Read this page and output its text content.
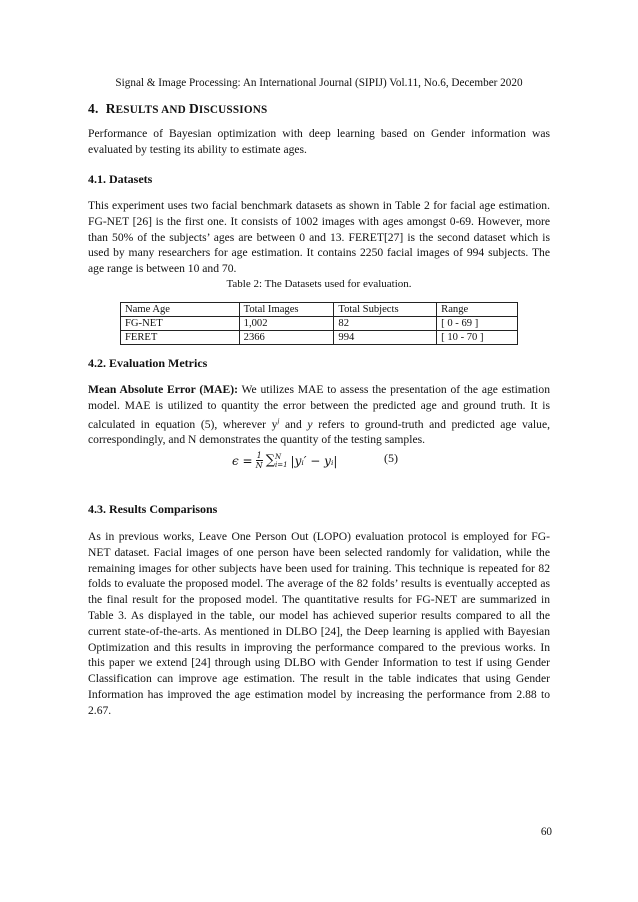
Signal & Image Processing: An International Journal (SIPIJ) Vol.11, No.6, December 2020
4. RESULTS AND DISCUSSIONS

Performance of Bayesian optimization with deep learning based on Gender information was evaluated by testing its ability to estimate ages.

4.1. Datasets

This experiment uses two facial benchmark datasets as shown in Table 2 for facial age estimation. FG-NET [26] is the first one. It consists of 1002 images with ages amongst 0-69. However, more than 50% of the subjects’ ages are between 0 and 13. FERET[27] is the second dataset which is used by many researchers for age estimation. It contains 2250 facial images of 994 subjects. The age range is between 10 and 70.

Table 2: The Datasets used for evaluation.
Name Age	Total Images	Total Subjects	Range
FG-NET	1,002	82	[ 0 - 69 ]
FERET	2366	994	[ 10 - 70 ]
4.2. Evaluation Metrics

Mean Absolute Error (MAE): We utilizes MAE to assess the presentation of the age estimation model. MAE is utilized to quantity the error between the predicted age and ground truth. It is calculated in equation (5), wherever $y^j$ and y refers to ground-truth and predicted age value, correspondingly, and N demonstrates the quantity of the testing samples.

$\epsilon = \frac{1}{N}$ ∑ N
i=1 |yᵢ′ − yᵢ|	(5)
4.3. Results Comparisons

As in previous works, Leave One Person Out (LOPO) evaluation protocol is employed for FG-NET dataset. Facial images of one person have been selected randomly for validation, while the remaining images for other subjects have been used for training. This technique is repeated for 82 folds to evaluate the proposed model. The average of the 82 folds’ results is eventually accepted as the final result for the proposed model. The quantitative results for FG-NET are summarized in Table 3. As displayed in the table, our model has achieved superior results compared to all the current state-of-the-arts. As mentioned in DLBO [24], the Deep learning is applied with Bayesian Optimization and this results in improving the performance compared to the previous works. In this paper we extend [24] through using DLBO with Gender Information to test if using Gender Classification can improve age estimation. The result in the table indicates that using Gender Information has improved the age estimation model by increasing the performance from 2.88 to 2.67.

60
